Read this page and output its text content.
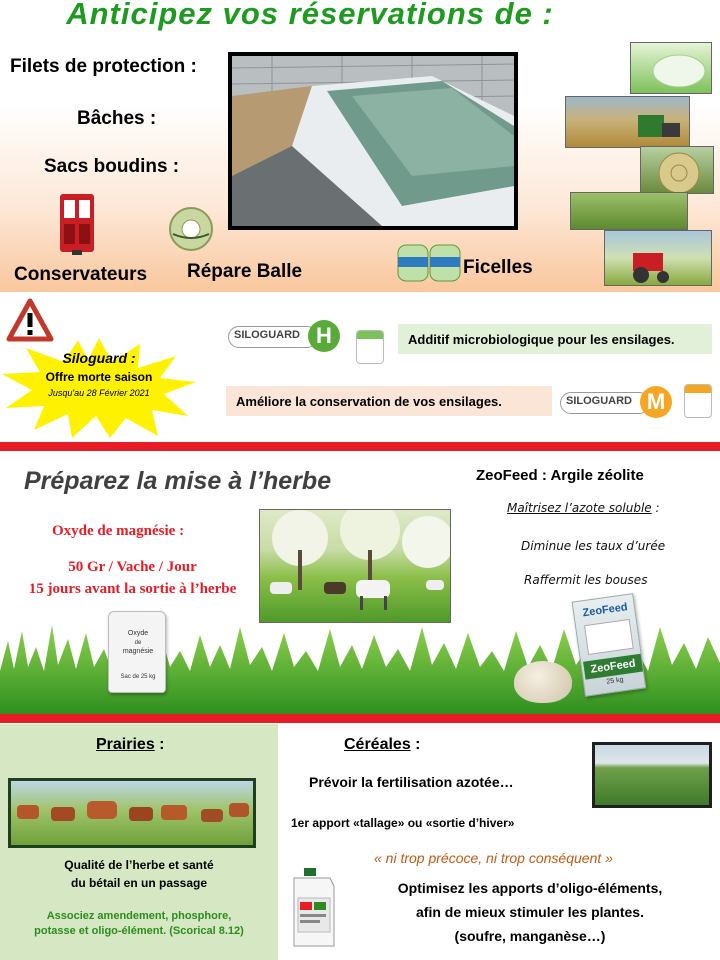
Anticipez vos réservations de :
Filets de protection :
Bâches :
Sacs boudins :
Conservateurs Répare Balle	Ficelles
Siloguard :
Offre morte saison
Jusqu'au 28 Février 2021
SILOGUARD H	Additif microbiologique pour les ensilages.
Améliore la conservation de vos ensilages.	SILOGUARD M
Préparez la mise à l’herbe
Oxyde de magnésie :
50 Gr / Vache / Jour
15 jours avant la sortie à l’herbe
Oxyde
de
magnésie
Sac de 25 kg
ZeoFeed : Argile zéolite
Maîtrisez l’azote soluble :
Diminue les taux d’urée
Raffermit les bouses
ZeoFeed
ZeoFeed
25 kg
Prairies :
Qualité de l’herbe et santé
du bétail en un passage
Associez amendement, phosphore,
potasse et oligo-élément. (Scorical 8.12)
Céréales :
Prévoir la fertilisation azotée…
1er apport «tallage» ou «sortie d’hiver»
« ni trop précoce, ni trop conséquent »
Optimisez les apports d’oligo-éléments,
afin de mieux stimuler les plantes.
(soufre, manganèse…)
